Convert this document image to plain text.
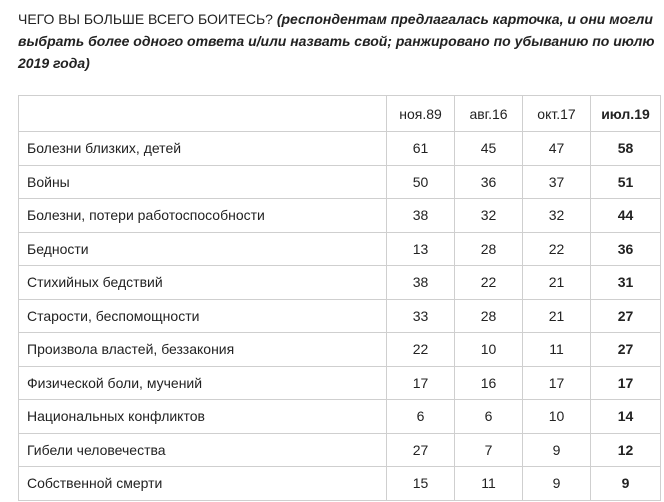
ЧЕГО ВЫ БОЛЬШЕ ВСЕГО БОИТЕСЬ? (респондентам предлагалась карточка, и они могли выбрать более одного ответа и/или назвать свой; ранжировано по убыванию по июлю 2019 года)
	ноя.89	авг.16	окт.17	июл.19
Болезни близких, детей	61	45	47	58
Войны	50	36	37	51
Болезни, потери работоспособности	38	32	32	44
Бедности	13	28	22	36
Стихийных бедствий	38	22	21	31
Старости, беспомощности	33	28	21	27
Произвола властей, беззакония	22	10	11	27
Физической боли, мучений	17	16	17	17
Национальных конфликтов	6	6	10	14
Гибели человечества	27	7	9	12
Собственной смерти	15	11	9	9
